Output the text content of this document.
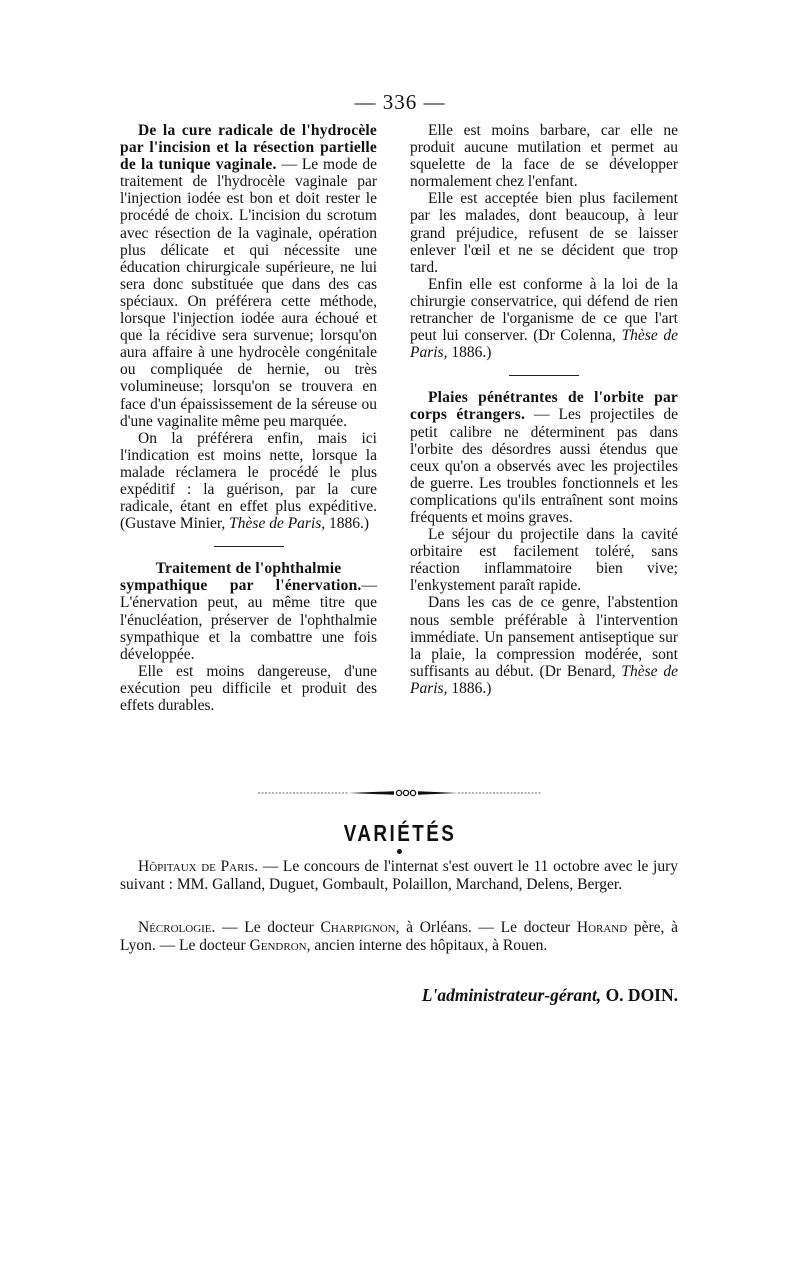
— 336 —

De la cure radicale de l'hydrocèle par l'incision et la résection partielle de la tunique vaginale. — Le mode de traitement de l'hydrocèle vaginale par l'injection iodée est bon et doit rester le procédé de choix. L'incision du scrotum avec résection de la vaginale, opération plus délicate et qui nécessite une éducation chirurgicale supérieure, ne lui sera donc substituée que dans des cas spéciaux. On préférera cette méthode, lorsque l'injection iodée aura échoué et que la récidive sera survenue; lorsqu'on aura affaire à une hydrocèle congénitale ou compliquée de hernie, ou très volumineuse; lorsqu'on se trouvera en face d'un épaississement de la séreuse ou d'une vaginalite même peu marquée.

On la préférera enfin, mais ici l'indication est moins nette, lorsque la malade réclamera le procédé le plus expéditif : la guérison, par la cure radicale, étant en effet plus expéditive. (Gustave Minier, Thèse de Paris, 1886.)

Traitement de l'ophthalmie
sympathique par l'énervation.—L'énervation peut, au même titre que l'énucléation, préserver de l'ophthalmie sympathique et la combattre une fois développée.

Elle est moins dangereuse, d'une exécution peu difficile et produit des effets durables.

Elle est moins barbare, car elle ne produit aucune mutilation et permet au squelette de la face de se développer normalement chez l'enfant.

Elle est acceptée bien plus facilement par les malades, dont beaucoup, à leur grand préjudice, refusent de se laisser enlever l'œil et ne se décident que trop tard.

Enfin elle est conforme à la loi de la chirurgie conservatrice, qui défend de rien retrancher de l'organisme de ce que l'art peut lui conserver. (Dr Colenna, Thèse de Paris, 1886.)

Plaies pénétrantes de l'orbite par corps étrangers. — Les projectiles de petit calibre ne déterminent pas dans l'orbite des désordres aussi étendus que ceux qu'on a observés avec les projectiles de guerre. Les troubles fonctionnels et les complications qu'ils entraînent sont moins fréquents et moins graves.

Le séjour du projectile dans la cavité orbitaire est facilement toléré, sans réaction inflammatoire bien vive; l'enkystement paraît rapide.

Dans les cas de ce genre, l'abstention nous semble préférable à l'intervention immédiate. Un pansement antiseptique sur la plaie, la compression modérée, sont suffisants au début. (Dr Benard, Thèse de Paris, 1886.)

VARIÉTÉS

Hôpitaux de Paris. — Le concours de l'internat s'est ouvert le 11 octobre avec le jury suivant : MM. Galland, Duguet, Gombault, Polaillon, Marchand, Delens, Berger.

Nécrologie. — Le docteur Charpignon, à Orléans. — Le docteur Horand père, à Lyon. — Le docteur Gendron, ancien interne des hôpitaux, à Rouen.

L'administrateur-gérant, O. DOIN.
